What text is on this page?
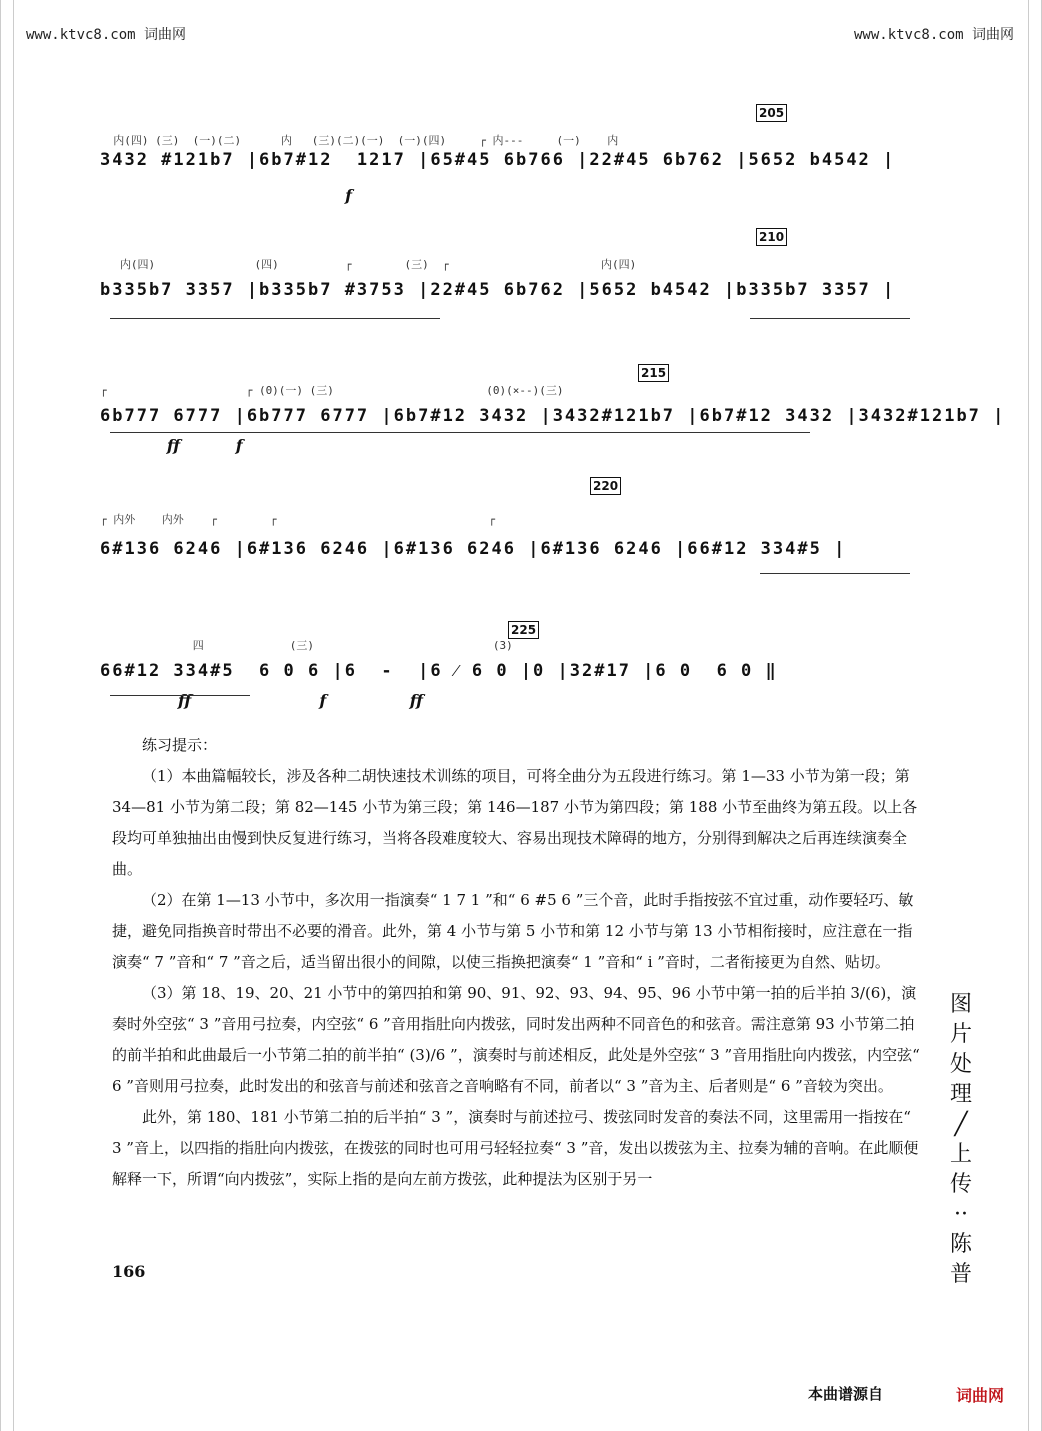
www.ktvc8.com 词曲网	www.ktvc8.com 词曲网
205
内(四) (三)  (一)(二)      内   (三)(二)(一)  (一)(四)     ┌ 内---     (一)    内
3432 #121b7 |6b7#12  1217 |65#45 6b766 |22#45 6b762 |5652 b4542 |
f
210
内(四)               (四)          ┌        (三)  ┌                       内(四)
b335b7 3357 |b335b7 #3753 |22#45 6b762 |5652 b4542 |b335b7 3357 |
215
┌                     ┌ (0)(一) (三)                       (0)(×--)(三)
6b777 6777 |6b777 6777 |6b7#12 3432 |3432#121b7 |6b7#12 3432 |3432#121b7 |
ff          f
220
┌ 内外    内外    ┌        ┌                                ┌
6#136 6246 |6#136 6246 |6#136 6246 |6#136 6246 |66#12 334#5 |
225
四             (三)                           (3)
66#12 334#5  6 0 6 |6  -  |6 ⁄ 6 0 |0 |32#17 |6 0  6 0 ‖
ff                       f               ff
练习提示：

（1）本曲篇幅较长，涉及各种二胡快速技术训练的项目，可将全曲分为五段进行练习。第 1—33 小节为第一段；第 34—81 小节为第二段；第 82—145 小节为第三段；第 146—187 小节为第四段；第 188 小节至曲终为第五段。以上各段均可单独抽出由慢到快反复进行练习，当将各段难度较大、容易出现技术障碍的地方，分别得到解决之后再连续演奏全曲。

（2）在第 1—13 小节中，多次用一指演奏“ 1 7 1 ”和“ 6 #5 6 ”三个音，此时手指按弦不宜过重，动作要轻巧、敏捷，避免同指换音时带出不必要的滑音。此外，第 4 小节与第 5 小节和第 12 小节与第 13 小节相衔接时，应注意在一指演奏“ 7 ”音和“ 7 ”音之后，适当留出很小的间隙，以使三指换把演奏“ 1 ”音和“ i ”音时，二者衔接更为自然、贴切。

（3）第 18、19、20、21 小节中的第四拍和第 90、91、92、93、94、95、96 小节中第一拍的后半拍 3/(6)，演奏时外空弦“ 3 ”音用弓拉奏，内空弦“ 6 ”音用指肚向内拨弦，同时发出两种不同音色的和弦音。需注意第 93 小节第二拍的前半拍和此曲最后一小节第二拍的前半拍“ (3)/6 ”，演奏时与前述相反，此处是外空弦“ 3 ”音用指肚向内拨弦，内空弦“ 6 ”音则用弓拉奏，此时发出的和弦音与前述和弦音之音响略有不同，前者以“ 3 ”音为主、后者则是“ 6 ”音较为突出。

此外，第 180、181 小节第二拍的后半拍“ 3 ”，演奏时与前述拉弓、拨弦同时发音的奏法不同，这里需用一指按在“ 3 ”音上，以四指的指肚向内拨弦，在拨弦的同时也可用弓轻轻拉奏“ 3 ”音，发出以拨弦为主、拉奏为辅的音响。在此顺便解释一下，所谓“向内拨弦”，实际上指的是向左前方拨弦，此种提法为区别于另一

166
图片处理╱上传··陈普
本曲谱源自	词曲网
